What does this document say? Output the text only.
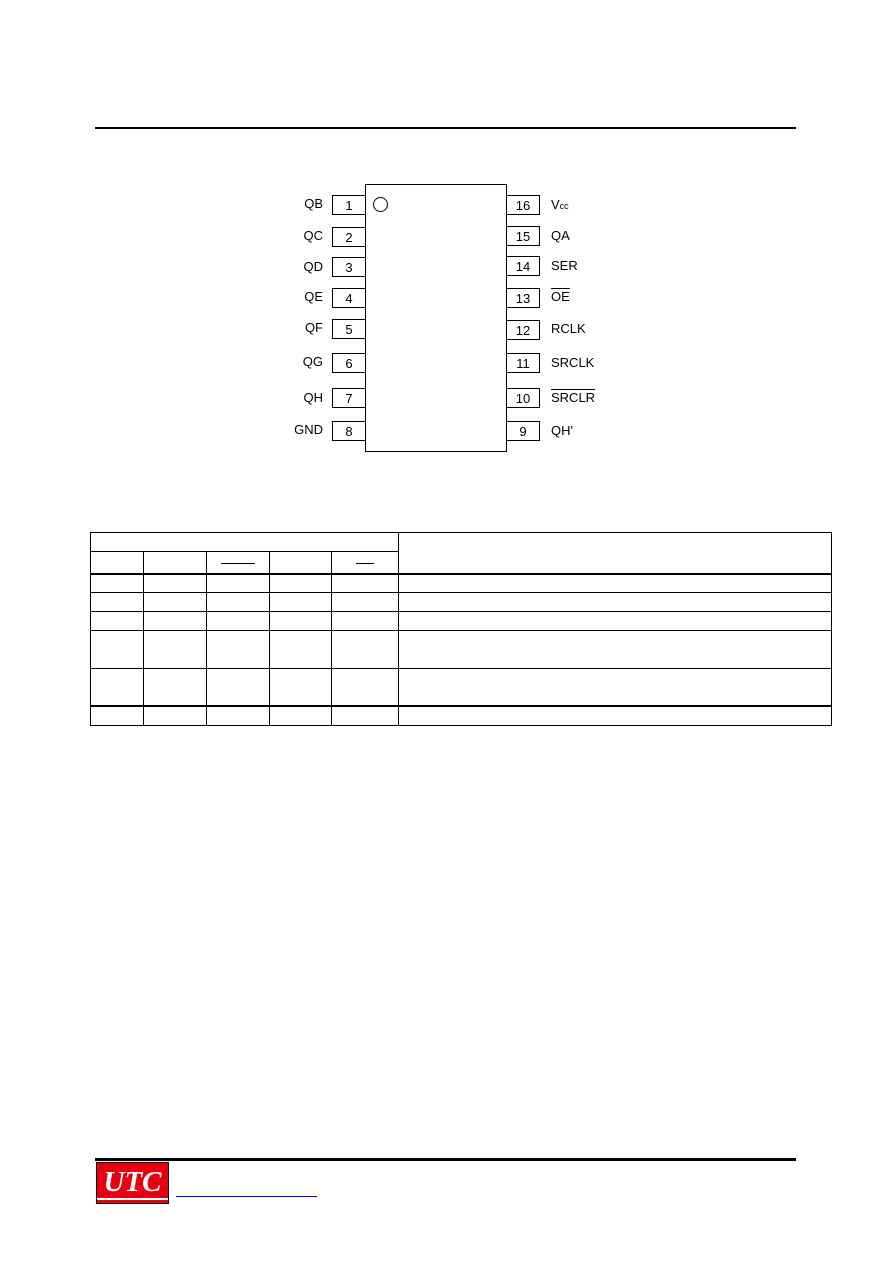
QB	1
QC	2
QD	3
QE	4
QF	5
QG	6
QH	7
GND	8
16	Vcc
15	QA
14	SER
13	$\overline{OE}$
12	RCLK
11	SRCLK
10	SRCLR
9	QH'

UTC
